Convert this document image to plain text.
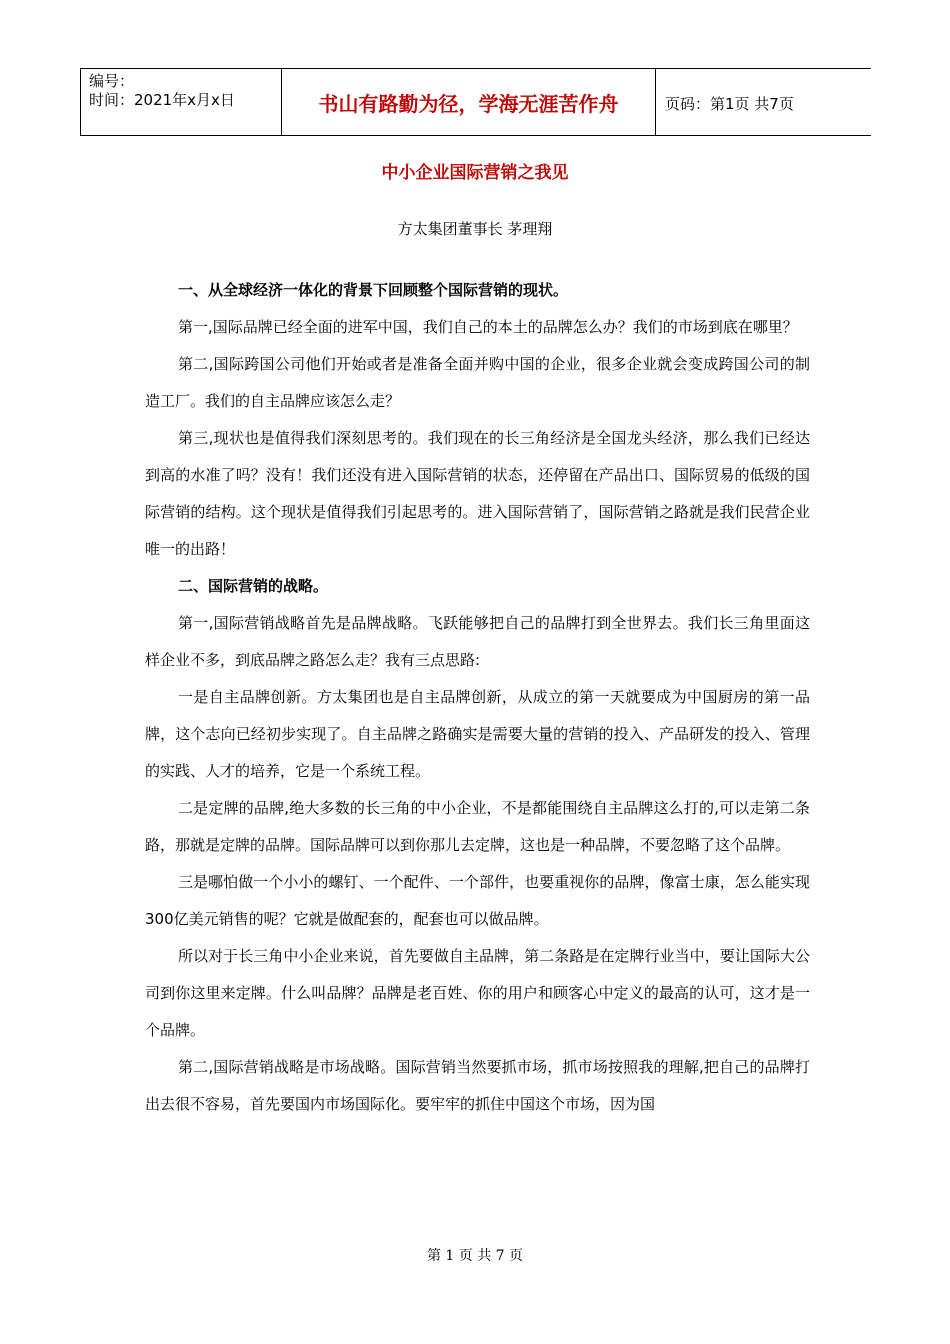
编号：
时间：2021年x月x日	书山有路勤为径，学海无涯苦作舟	页码：第1页 共7页
中小企业国际营销之我见
方太集团董事长 茅理翔

一、从全球经济一体化的背景下回顾整个国际营销的现状。

第一,国际品牌已经全面的进军中国，我们自己的本土的品牌怎么办？我们的市场到底在哪里？

第二,国际跨国公司他们开始或者是准备全面并购中国的企业，很多企业就会变成跨国公司的制造工厂。我们的自主品牌应该怎么走？

第三,现状也是值得我们深刻思考的。我们现在的长三角经济是全国龙头经济，那么我们已经达到高的水准了吗？没有！我们还没有进入国际营销的状态，还停留在产品出口、国际贸易的低级的国际营销的结构。这个现状是值得我们引起思考的。进入国际营销了，国际营销之路就是我们民营企业唯一的出路！

二、国际营销的战略。

第一,国际营销战略首先是品牌战略。飞跃能够把自己的品牌打到全世界去。我们长三角里面这样企业不多，到底品牌之路怎么走？我有三点思路:

一是自主品牌创新。方太集团也是自主品牌创新，从成立的第一天就要成为中国厨房的第一品牌，这个志向已经初步实现了。自主品牌之路确实是需要大量的营销的投入、产品研发的投入、管理的实践、人才的培养，它是一个系统工程。

二是定牌的品牌,绝大多数的长三角的中小企业，不是都能围绕自主品牌这么打的,可以走第二条路，那就是定牌的品牌。国际品牌可以到你那儿去定牌，这也是一种品牌，不要忽略了这个品牌。

三是哪怕做一个小小的螺钉、一个配件、一个部件，也要重视你的品牌，像富士康，怎么能实现300亿美元销售的呢？它就是做配套的，配套也可以做品牌。

所以对于长三角中小企业来说，首先要做自主品牌，第二条路是在定牌行业当中，要让国际大公司到你这里来定牌。什么叫品牌？品牌是老百姓、你的用户和顾客心中定义的最高的认可，这才是一个品牌。

第二,国际营销战略是市场战略。国际营销当然要抓市场，抓市场按照我的理解,把自己的品牌打出去很不容易，首先要国内市场国际化。要牢牢的抓住中国这个市场，因为国

第 1 页 共 7 页
